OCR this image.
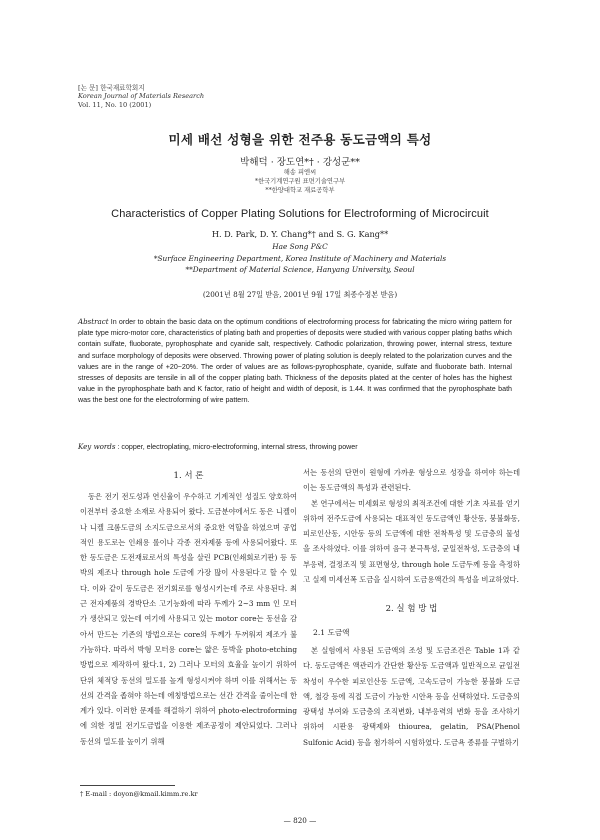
[논 문] 한국재료학회지
Korean Journal of Materials Research
Vol. 11, No. 10 (2001)
미세 배선 성형을 위한 전주용 동도금액의 특성
박해덕 · 장도연*† · 강성군**
해송 피엔씨
*한국기계연구원 표면기술연구부
**한양대학교 재료공학부
Characteristics of Copper Plating Solutions for Electroforming of Microcircuit
H. D. Park, D. Y. Chang*† and S. G. Kang**
Hae Song P&C
*Surface Engineering Department, Korea Institute of Machinery and Materials
**Department of Material Science, Hanyang University, Seoul
(2001년 8월 27일 받음, 2001년 9월 17일 최종수정본 받음)
Abstract In order to obtain the basic data on the optimum conditions of electroforming process for fabricating the micro wiring pattern for plate type micro-motor core, characteristics of plating bath and properties of deposits were studied with various copper plating baths which contain sulfate, fluoborate, pyrophosphate and cyanide salt, respectively. Cathodic polarization, throwing power, internal stress, texture and surface morphology of deposits were observed. Throwing power of plating solution is deeply related to the polarization curves and the values are in the range of +20~20%. The order of values are as follows-pyrophosphate, cyanide, sulfate and fluoborate bath. Internal stresses of deposits are tensile in all of the copper plating bath. Thickness of the deposits plated at the center of holes has the highest value in the pyrophosphate bath and K factor, ratio of height and width of deposit, is 1.44. It was confirmed that the pyrophosphate bath was the best one for the electroforming of wire pattern.
Key words : copper, electroplating, micro-electroforming, internal stress, throwing power
1. 서 론

동은 전기 전도성과 연신율이 우수하고 기계적인 성질도 양호하여 이전부터 중요한 소재로 사용되어 왔다. 도금분야에서도 동은 니켈이나 니켈 크롬도금의 소지도금으로서의 중요한 역할을 하였으며 공업적인 용도로는 인쇄용 롤이나 각종 전자제품 등에 사용되어왔다. 또한 동도금은 도전재료로서의 특성을 살린 PCB(인쇄회로기판) 등 동박의 제조나 through hole 도금에 가장 많이 사용된다고 할 수 있다. 이와 같이 동도금은 전기회로를 형성시키는데 주로 사용된다. 최근 전자제품의 경박단소 고기능화에 따라 두께가 2~3 mm 인 모터가 생산되고 있는데 여기에 사용되고 있는 motor core는 동선을 감아서 만드는 기존의 방법으로는 core의 두께가 두꺼워져 제조가 불가능하다. 따라서 박형 모터용 core는 얇은 동박을 photo-etching방법으로 제작하여 왔다.1, 2) 그러나 모터의 효율을 높이기 위하여 단위 체적당 동선의 밀도를 높게 형성시켜야 하며 이를 위해서는 동선의 간격을 좁혀야 하는데 에칭방법으로는 선간 간격을 줄이는데 한계가 있다. 이러한 문제를 해결하기 위하여 photo-electroforming에 의한 정밀 전기도금법을 이용한 제조공정이 제안되었다. 그러나 동선의 밀도를 높이기 위해

서는 동선의 단면이 원형에 가까운 형상으로 성장을 하여야 하는데 이는 동도금액의 특성과 관련된다.

본 연구에서는 미세회로 형성의 최적조건에 대한 기초 자료를 얻기 위하여 전주도금에 사용되는 대표적인 동도금액인 황산동, 붕불화동, 피로인산동, 시안동 등의 도금액에 대한 전착특성 및 도금층의 물성을 조사하였다. 이를 위하여 음극 분극특성, 균일전착성, 도금층의 내부응력, 결정조직 및 표면형상, through hole 도금두께 등을 측정하고 실제 미세선폭 도금을 실시하여 도금용액간의 특성을 비교하였다.

2. 실 험 방 법
2.1 도금액

본 실험에서 사용된 도금액의 조성 및 도금조건은 Table 1과 같다. 동도금액은 액관리가 간단한 황산동 도금액과 일반적으로 균일전착성이 우수한 피로인산동 도금액, 고속도금이 가능한 붕불화 도금액, 철강 등에 직접 도금이 가능한 시안욕 등을 선택하였다. 도금층의 광택성 부여와 도금층의 조직변화, 내부응력의 변화 등을 조사하기 위하여 시판용 광택제와 thiourea, gelatin, PSA(Phenol Sulfonic Acid) 등을 첨가하여 시험하였다. 도금욕 종류를 구별하기

† E-mail : doyon@kmail.kimm.re.kr
— 820 —
